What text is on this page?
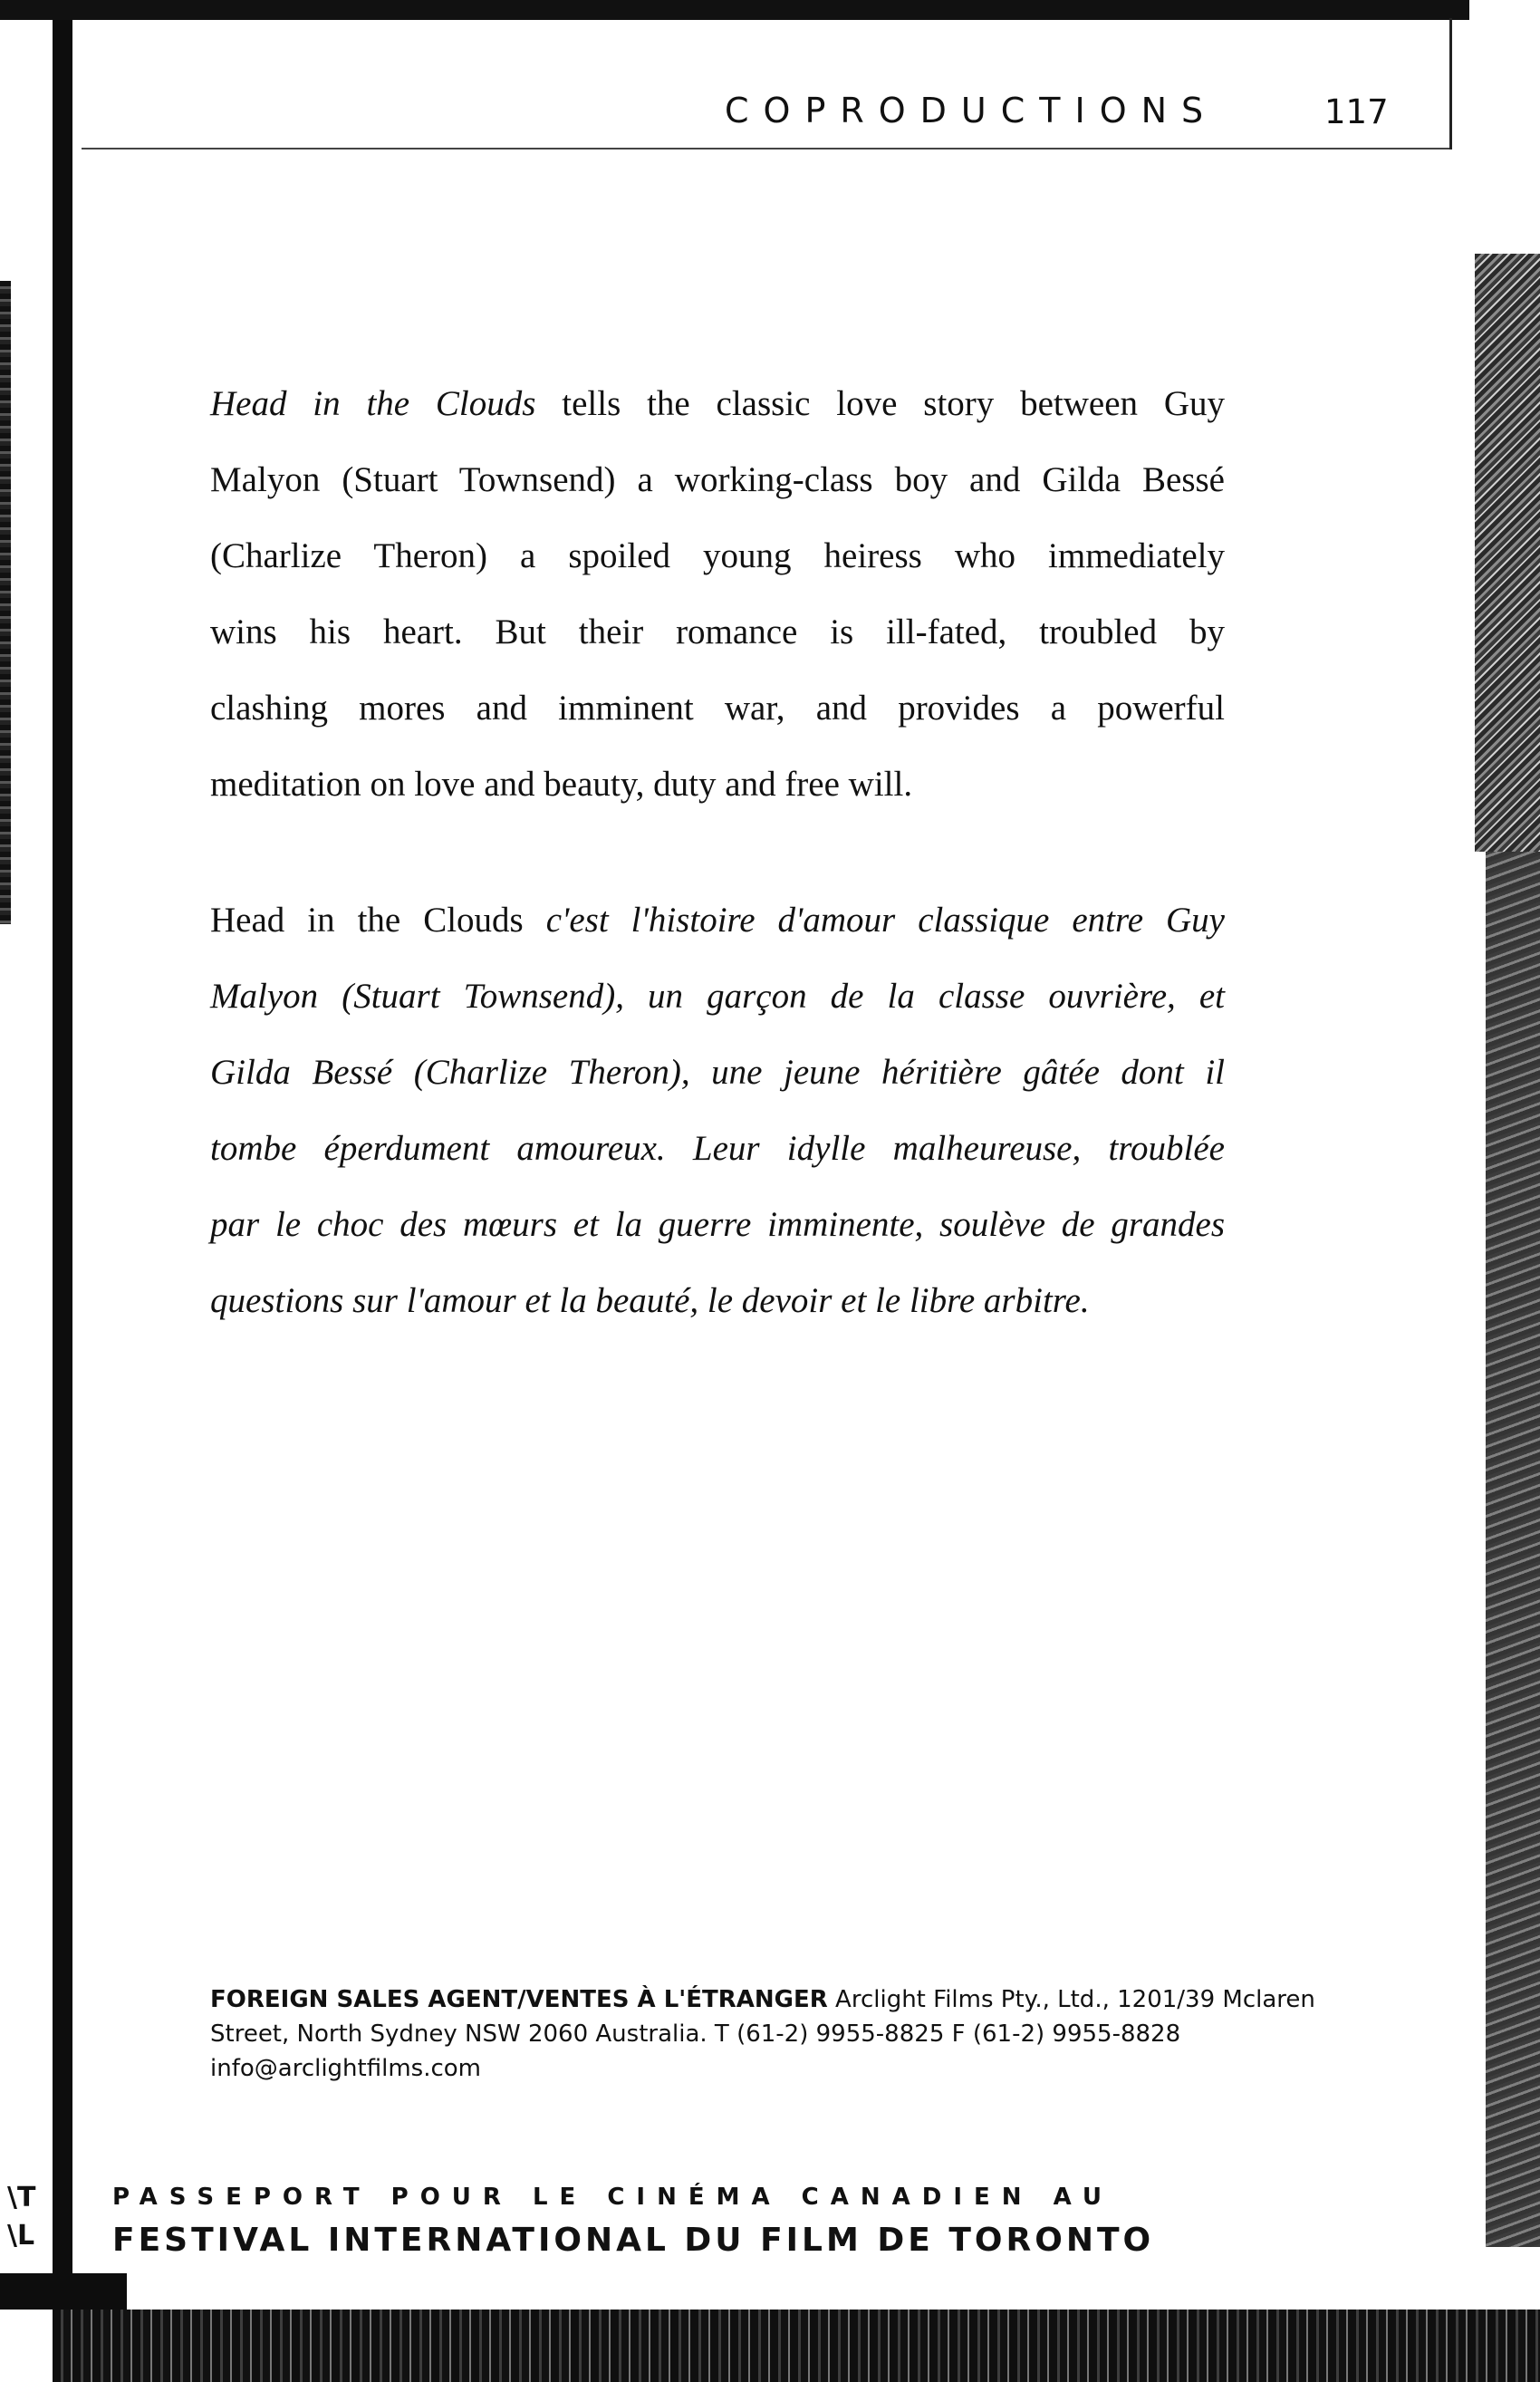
COPRODUCTIONS	117

Head in the Clouds tells the classic love story between Guy
Malyon (Stuart Townsend) a working-class boy and Gilda Bessé
(Charlize Theron) a spoiled young heiress who immediately
wins his heart. But their romance is ill-fated, troubled by
clashing mores and imminent war, and provides a powerful
meditation on love and beauty, duty and free will.

Head in the Clouds c'est l'histoire d'amour classique entre Guy
Malyon (Stuart Townsend), un garçon de la classe ouvrière, et
Gilda Bessé (Charlize Theron), une jeune héritière gâtée dont il
tombe éperdument amoureux. Leur idylle malheureuse, troublée
par le choc des mœurs et la guerre imminente, soulève de grandes
questions sur l'amour et la beauté, le devoir et le libre arbitre.

FOREIGN SALES AGENT/VENTES À L'ÉTRANGER Arclight Films Pty., Ltd., 1201/39 Mclaren
Street, North Sydney NSW 2060 Australia. T (61-2) 9955-8825 F (61-2) 9955-8828
info@arclightfilms.com
\T
\L
PASSEPORT POUR LE CINÉMA CANADIEN AU
FESTIVAL INTERNATIONAL DU FILM DE TORONTO
